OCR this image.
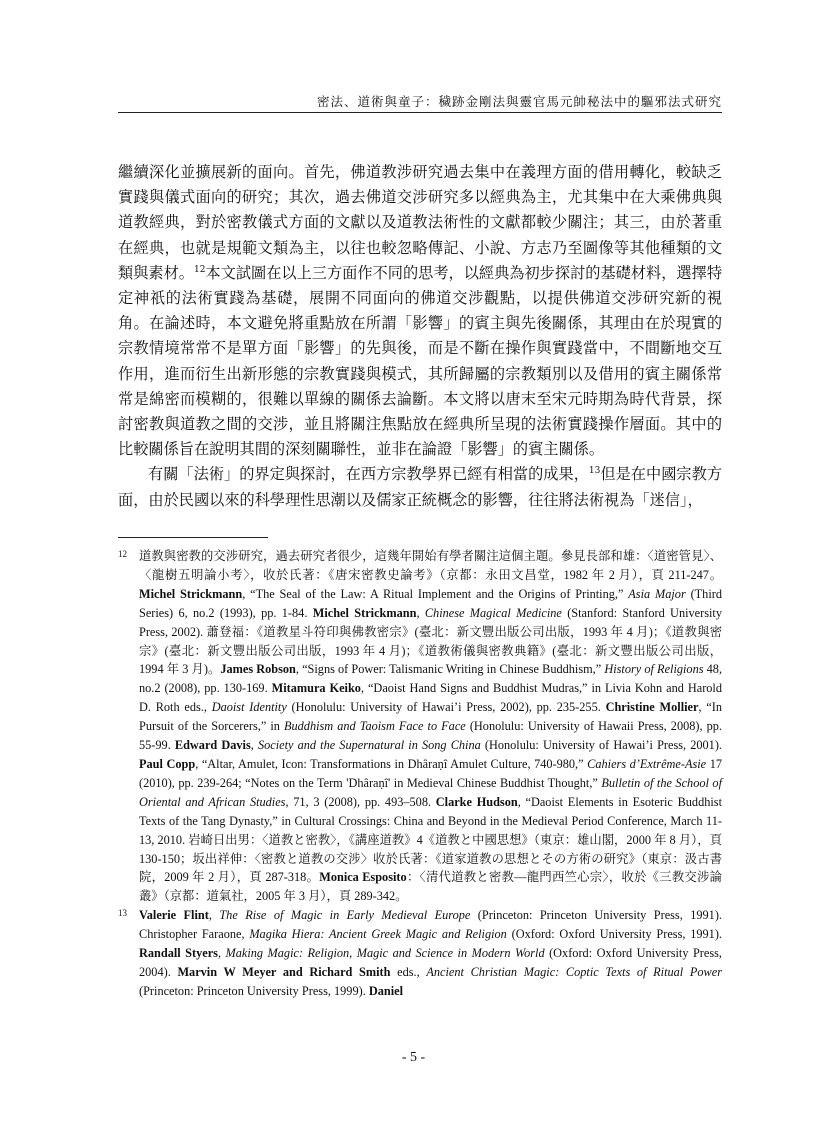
密法、道術與童子：穢跡金剛法與靈官馬元帥秘法中的驅邪法式研究

繼續深化並擴展新的面向。首先，佛道教涉研究過去集中在義理方面的借用轉化，較缺乏實踐與儀式面向的研究；其次，過去佛道交涉研究多以經典為主，尤其集中在大乘佛典與道教經典，對於密教儀式方面的文獻以及道教法術性的文獻都較少關注；其三，由於著重在經典，也就是規範文類為主，以往也較忽略傳記、小說、方志乃至圖像等其他種類的文類與素材。$^{12}$本文試圖在以上三方面作不同的思考，以經典為初步探討的基礎材料，選擇特定神祇的法術實踐為基礎，展開不同面向的佛道交涉觀點，以提供佛道交涉研究新的視角。在論述時，本文避免將重點放在所謂「影響」的賓主與先後關係，其理由在於現實的宗教情境常常不是單方面「影響」的先與後，而是不斷在操作與實踐當中，不間斷地交互作用，進而衍生出新形態的宗教實踐與模式，其所歸屬的宗教類別以及借用的賓主關係常常是綿密而模糊的，很難以單線的關係去論斷。本文將以唐末至宋元時期為時代背景，探討密教與道教之間的交涉，並且將關注焦點放在經典所呈現的法術實踐操作層面。其中的比較關係旨在說明其間的深刻關聯性，並非在論證「影響」的賓主關係。

有關「法術」的界定與探討，在西方宗教學界已經有相當的成果，$^{13}$但是在中國宗教方面，由於民國以來的科學理性思潮以及儒家正統概念的影響，往往將法術視為「迷信」，

12 道教與密教的交涉研究，過去研究者很少，這幾年開始有學者關注這個主題。參見長部和雄：〈道密管見〉、〈龍樹五明論小考〉，收於氏著：《唐宋密教史論考》（京都：永田文昌堂，1982 年 2 月），頁 211-247。Michel Strickmann, “The Seal of the Law: A Ritual Implement and the Origins of Printing,” Asia Major (Third Series) 6, no.2 (1993), pp. 1-84. Michel Strickmann, Chinese Magical Medicine (Stanford: Stanford University Press, 2002). 蕭登福：《道教星斗符印與佛教密宗》(臺北：新文豐出版公司出版，1993 年 4 月)；《道教與密宗》(臺北：新文豐出版公司出版，1993 年 4 月)；《道教術儀與密教典籍》(臺北：新文豐出版公司出版，1994 年 3 月)。James Robson, “Signs of Power: Talismanic Writing in Chinese Buddhism,” History of Religions 48, no.2 (2008), pp. 130-169. Mitamura Keiko, “Daoist Hand Signs and Buddhist Mudras,” in Livia Kohn and Harold D. Roth eds., Daoist Identity (Honolulu: University of Hawai’i Press, 2002), pp. 235-255. Christine Mollier, “In Pursuit of the Sorcerers,” in Buddhism and Taoism Face to Face (Honolulu: University of Hawaii Press, 2008), pp. 55-99. Edward Davis, Society and the Supernatural in Song China (Honolulu: University of Hawai’i Press, 2001). Paul Copp, “Altar, Amulet, Icon: Transformations in Dhâraṇî Amulet Culture, 740-980,” Cahiers d’Extrême-Asie 17 (2010), pp. 239-264; “Notes on the Term 'Dhâraṇî' in Medieval Chinese Buddhist Thought,” Bulletin of the School of Oriental and African Studies, 71, 3 (2008), pp. 493–508. Clarke Hudson, “Daoist Elements in Esoteric Buddhist Texts of the Tang Dynasty,” in Cultural Crossings: China and Beyond in the Medieval Period Conference, March 11-13, 2010. 岩崎日出男：〈道教と密教〉，《講座道教》4《道教と中國思想》（東京：雄山閣，2000 年 8 月），頁 130-150；坂出祥伸：〈密教と道教の交涉〉收於氏著：《道家道教の思想とその方術の研究》（東京：汲古書院，2009 年 2 月），頁 287-318。Monica Esposito：〈清代道教と密教—龍門西竺心宗〉，收於《三教交涉論叢》（京都：道氣社，2005 年 3 月），頁 289-342。
13 Valerie Flint, The Rise of Magic in Early Medieval Europe (Princeton: Princeton University Press, 1991). Christopher Faraone, Magika Hiera: Ancient Greek Magic and Religion (Oxford: Oxford University Press, 1991). Randall Styers, Making Magic: Religion, Magic and Science in Modern World (Oxford: Oxford University Press, 2004). Marvin W Meyer and Richard Smith eds., Ancient Christian Magic: Coptic Texts of Ritual Power (Princeton: Princeton University Press, 1999). Daniel
- 5 -
